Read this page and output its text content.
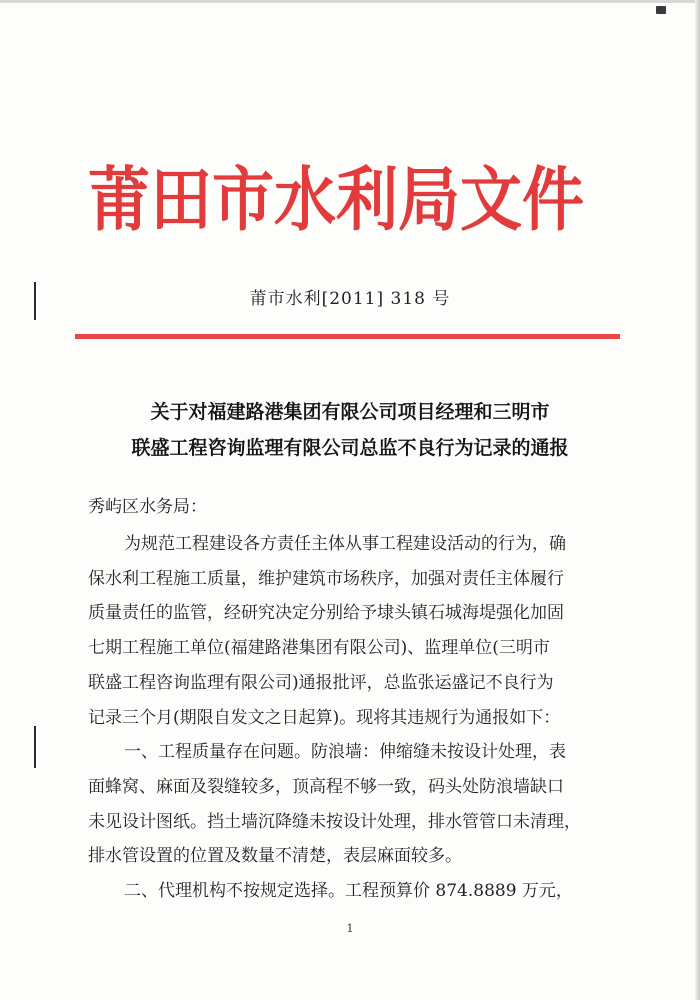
莆田市水利局文件
莆市水利[2011] 318 号
关于对福建路港集团有限公司项目经理和三明市
联盛工程咨询监理有限公司总监不良行为记录的通报
秀屿区水务局：

为规范工程建设各方责任主体从事工程建设活动的行为，确
保水利工程施工质量，维护建筑市场秩序，加强对责任主体履行
质量责任的监管，经研究决定分别给予埭头镇石城海堤强化加固
七期工程施工单位(福建路港集团有限公司)、监理单位(三明市
联盛工程咨询监理有限公司)通报批评，总监张运盛记不良行为
记录三个月(期限自发文之日起算)。现将其违规行为通报如下：

一、工程质量存在问题。防浪墙：伸缩缝未按设计处理，表
面蜂窝、麻面及裂缝较多，顶高程不够一致，码头处防浪墙缺口
未见设计图纸。挡土墙沉降缝未按设计处理，排水管管口未清理，
排水管设置的位置及数量不清楚，表层麻面较多。

二、代理机构不按规定选择。工程预算价 874.8889 万元，

1
